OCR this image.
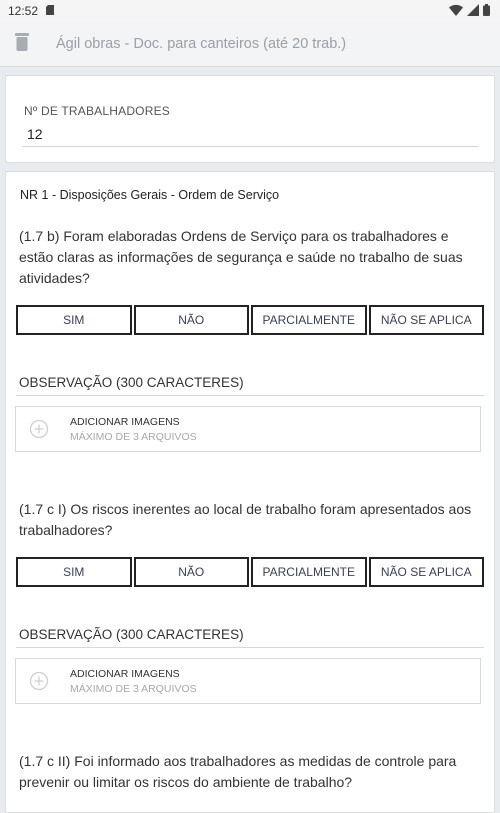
12:52
Ágil obras - Doc. para canteiros (até 20 trab.)
Nº DE TRABALHADORES
12
NR 1 - Disposições Gerais - Ordem de Serviço
(1.7 b) Foram elaboradas Ordens de Serviço para os trabalhadores e estão claras as informações de segurança e saúde no trabalho de suas atividades?
SIM	NÃO	PARCIALMENTE	NÃO SE APLICA
OBSERVAÇÃO (300 CARACTERES)
ADICIONAR IMAGENS
MÁXIMO DE 3 ARQUIVOS
(1.7 c I) Os riscos inerentes ao local de trabalho foram apresentados aos trabalhadores?
SIM	NÃO	PARCIALMENTE	NÃO SE APLICA
OBSERVAÇÃO (300 CARACTERES)
ADICIONAR IMAGENS
MÁXIMO DE 3 ARQUIVOS
(1.7 c II) Foi informado aos trabalhadores as medidas de controle para prevenir ou limitar os riscos do ambiente de trabalho?
